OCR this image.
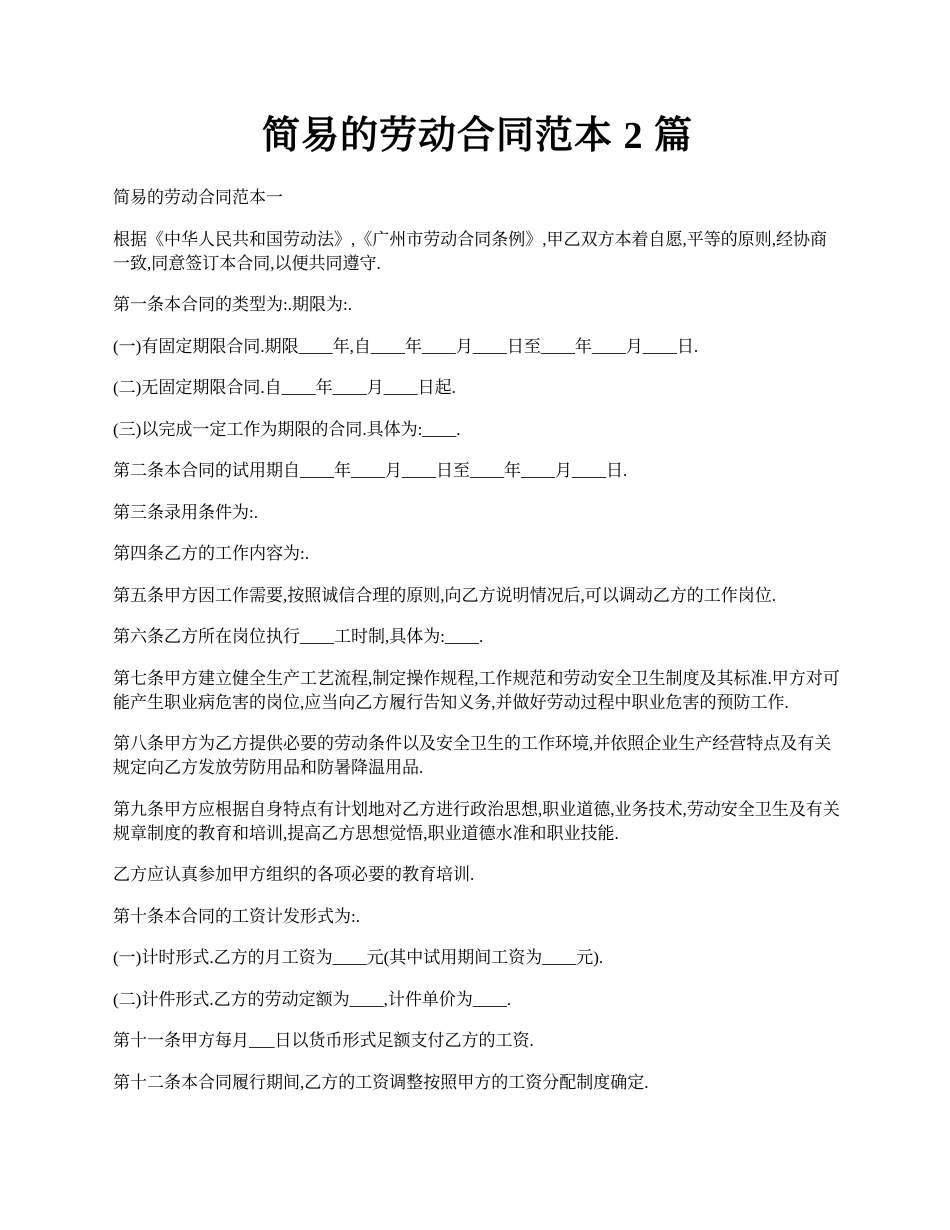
简易的劳动合同范本 2 篇

简易的劳动合同范本一

根据《中华人民共和国劳动法》,《广州市劳动合同条例》,甲乙双方本着自愿,平等的原则,经协商一致,同意签订本合同,以便共同遵守.

第一条本合同的类型为:.期限为:.

(一)有固定期限合同.期限____年,自____年____月____日至____年____月____日.

(二)无固定期限合同.自____年____月____日起.

(三)以完成一定工作为期限的合同.具体为:____.

第二条本合同的试用期自____年____月____日至____年____月____日.

第三条录用条件为:.

第四条乙方的工作内容为:.

第五条甲方因工作需要,按照诚信合理的原则,向乙方说明情况后,可以调动乙方的工作岗位.

第六条乙方所在岗位执行____工时制,具体为:____.

第七条甲方建立健全生产工艺流程,制定操作规程,工作规范和劳动安全卫生制度及其标准.甲方对可能产生职业病危害的岗位,应当向乙方履行告知义务,并做好劳动过程中职业危害的预防工作.

第八条甲方为乙方提供必要的劳动条件以及安全卫生的工作环境,并依照企业生产经营特点及有关规定向乙方发放劳防用品和防暑降温用品.

第九条甲方应根据自身特点有计划地对乙方进行政治思想,职业道德,业务技术,劳动安全卫生及有关规章制度的教育和培训,提高乙方思想觉悟,职业道德水准和职业技能.

乙方应认真参加甲方组织的各项必要的教育培训.

第十条本合同的工资计发形式为:.

(一)计时形式.乙方的月工资为____元(其中试用期间工资为____元).

(二)计件形式.乙方的劳动定额为____,计件单价为____.

第十一条甲方每月___日以货币形式足额支付乙方的工资.

第十二条本合同履行期间,乙方的工资调整按照甲方的工资分配制度确定.
